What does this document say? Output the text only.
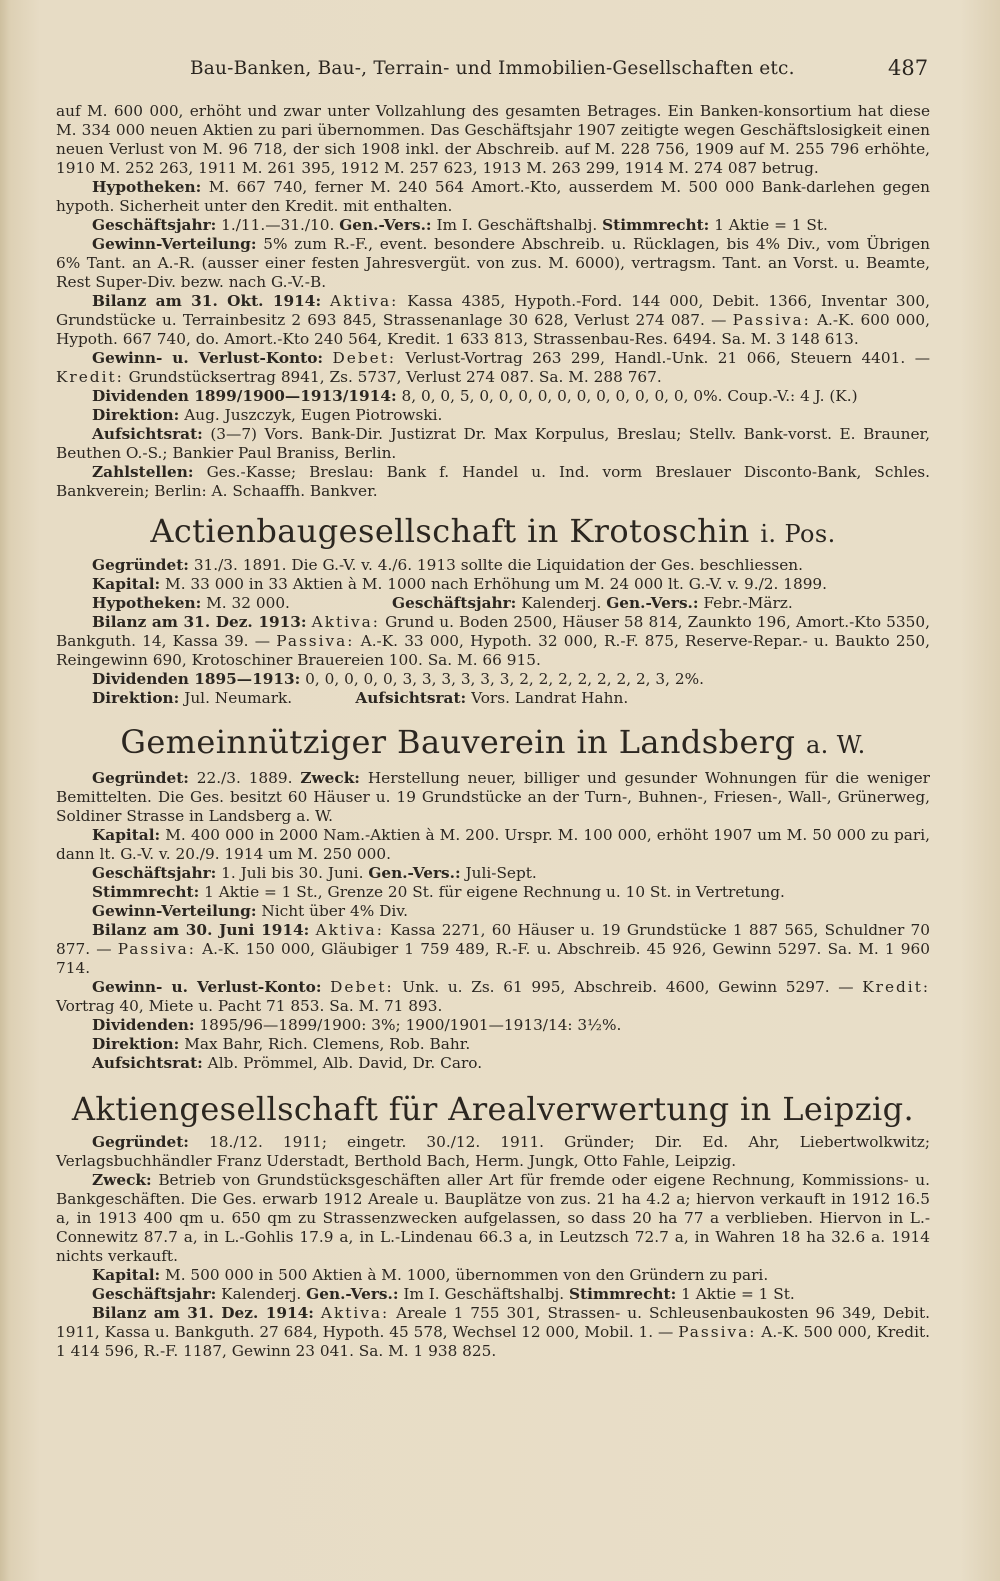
Bau-Banken, Bau-, Terrain- und Immobilien-Gesellschaften etc.	487

auf M. 600 000, erhöht und zwar unter Vollzahlung des gesamten Betrages. Ein Banken-konsortium hat diese M. 334 000 neuen Aktien zu pari übernommen. Das Geschäftsjahr 1907 zeitigte wegen Geschäftslosigkeit einen neuen Verlust von M. 96 718, der sich 1908 inkl. der Abschreib. auf M. 228 756, 1909 auf M. 255 796 erhöhte, 1910 M. 252 263, 1911 M. 261 395, 1912 M. 257 623, 1913 M. 263 299, 1914 M. 274 087 betrug.

Hypotheken: M. 667 740, ferner M. 240 564 Amort.-Kto, ausserdem M. 500 000 Bank-darlehen gegen hypoth. Sicherheit unter den Kredit. mit enthalten.

Geschäftsjahr: 1./11.—31./10. Gen.-Vers.: Im I. Geschäftshalbj. Stimmrecht: 1 Aktie = 1 St.

Gewinn-Verteilung: 5% zum R.-F., event. besondere Abschreib. u. Rücklagen, bis 4% Div., vom Übrigen 6% Tant. an A.-R. (ausser einer festen Jahresvergüt. von zus. M. 6000), vertragsm. Tant. an Vorst. u. Beamte, Rest Super-Div. bezw. nach G.-V.-B.

Bilanz am 31. Okt. 1914: Aktiva: Kassa 4385, Hypoth.-Ford. 144 000, Debit. 1366, Inventar 300, Grundstücke u. Terrainbesitz 2 693 845, Strassenanlage 30 628, Verlust 274 087. — Passiva: A.-K. 600 000, Hypoth. 667 740, do. Amort.-Kto 240 564, Kredit. 1 633 813, Strassenbau-Res. 6494. Sa. M. 3 148 613.

Gewinn- u. Verlust-Konto: Debet: Verlust-Vortrag 263 299, Handl.-Unk. 21 066, Steuern 4401. — Kredit: Grundstücksertrag 8941, Zs. 5737, Verlust 274 087. Sa. M. 288 767.

Dividenden 1899/1900—1913/1914: 8, 0, 0, 5, 0, 0, 0, 0, 0, 0, 0, 0, 0, 0, 0, 0%. Coup.-V.: 4 J. (K.)

Direktion: Aug. Juszczyk, Eugen Piotrowski.

Aufsichtsrat: (3—7) Vors. Bank-Dir. Justizrat Dr. Max Korpulus, Breslau; Stellv. Bank-vorst. E. Brauner, Beuthen O.-S.; Bankier Paul Braniss, Berlin.

Zahlstellen: Ges.-Kasse; Breslau: Bank f. Handel u. Ind. vorm Breslauer Disconto-Bank, Schles. Bankverein; Berlin: A. Schaaffh. Bankver.

Actienbaugesellschaft in Krotoschin i. Pos.

Gegründet: 31./3. 1891. Die G.-V. v. 4./6. 1913 sollte die Liquidation der Ges. beschliessen.

Kapital: M. 33 000 in 33 Aktien à M. 1000 nach Erhöhung um M. 24 000 lt. G.-V. v. 9./2. 1899.

Hypotheken: M. 32 000.	Geschäftsjahr: Kalenderj. Gen.-Vers.: Febr.-März.

Bilanz am 31. Dez. 1913: Aktiva: Grund u. Boden 2500, Häuser 58 814, Zaunkto 196, Amort.-Kto 5350, Bankguth. 14, Kassa 39. — Passiva: A.-K. 33 000, Hypoth. 32 000, R.-F. 875, Reserve-Repar.- u. Baukto 250, Reingewinn 690, Krotoschiner Brauereien 100. Sa. M. 66 915.

Dividenden 1895—1913: 0, 0, 0, 0, 0, 3, 3, 3, 3, 3, 3, 2, 2, 2, 2, 2, 2, 2, 3, 2%.

Direktion: Jul. Neumark.	Aufsichtsrat: Vors. Landrat Hahn.

Gemeinnütziger Bauverein in Landsberg a. W.

Gegründet: 22./3. 1889. Zweck: Herstellung neuer, billiger und gesunder Wohnungen für die weniger Bemittelten. Die Ges. besitzt 60 Häuser u. 19 Grundstücke an der Turn-, Buhnen-, Friesen-, Wall-, Grünerweg, Soldiner Strasse in Landsberg a. W.

Kapital: M. 400 000 in 2000 Nam.-Aktien à M. 200. Urspr. M. 100 000, erhöht 1907 um M. 50 000 zu pari, dann lt. G.-V. v. 20./9. 1914 um M. 250 000.

Geschäftsjahr: 1. Juli bis 30. Juni. Gen.-Vers.: Juli-Sept.

Stimmrecht: 1 Aktie = 1 St., Grenze 20 St. für eigene Rechnung u. 10 St. in Vertretung.

Gewinn-Verteilung: Nicht über 4% Div.

Bilanz am 30. Juni 1914: Aktiva: Kassa 2271, 60 Häuser u. 19 Grundstücke 1 887 565, Schuldner 70 877. — Passiva: A.-K. 150 000, Gläubiger 1 759 489, R.-F. u. Abschreib. 45 926, Gewinn 5297. Sa. M. 1 960 714.

Gewinn- u. Verlust-Konto: Debet: Unk. u. Zs. 61 995, Abschreib. 4600, Gewinn 5297. — Kredit: Vortrag 40, Miete u. Pacht 71 853. Sa. M. 71 893.

Dividenden: 1895/96—1899/1900: 3%; 1900/1901—1913/14: 3½%.

Direktion: Max Bahr, Rich. Clemens, Rob. Bahr.

Aufsichtsrat: Alb. Prömmel, Alb. David, Dr. Caro.

Aktiengesellschaft für Arealverwertung in Leipzig.

Gegründet: 18./12. 1911; eingetr. 30./12. 1911. Gründer; Dir. Ed. Ahr, Liebertwolkwitz; Verlagsbuchhändler Franz Uderstadt, Berthold Bach, Herm. Jungk, Otto Fahle, Leipzig.

Zweck: Betrieb von Grundstücksgeschäften aller Art für fremde oder eigene Rechnung, Kommissions- u. Bankgeschäften. Die Ges. erwarb 1912 Areale u. Bauplätze von zus. 21 ha 4.2 a; hiervon verkauft in 1912 16.5 a, in 1913 400 qm u. 650 qm zu Strassenzwecken aufgelassen, so dass 20 ha 77 a verblieben. Hiervon in L.-Connewitz 87.7 a, in L.-Gohlis 17.9 a, in L.-Lindenau 66.3 a, in Leutzsch 72.7 a, in Wahren 18 ha 32.6 a. 1914 nichts verkauft.

Kapital: M. 500 000 in 500 Aktien à M. 1000, übernommen von den Gründern zu pari.

Geschäftsjahr: Kalenderj. Gen.-Vers.: Im I. Geschäftshalbj. Stimmrecht: 1 Aktie = 1 St.

Bilanz am 31. Dez. 1914: Aktiva: Areale 1 755 301, Strassen- u. Schleusenbaukosten 96 349, Debit. 1911, Kassa u. Bankguth. 27 684, Hypoth. 45 578, Wechsel 12 000, Mobil. 1. — Passiva: A.-K. 500 000, Kredit. 1 414 596, R.-F. 1187, Gewinn 23 041. Sa. M. 1 938 825.
